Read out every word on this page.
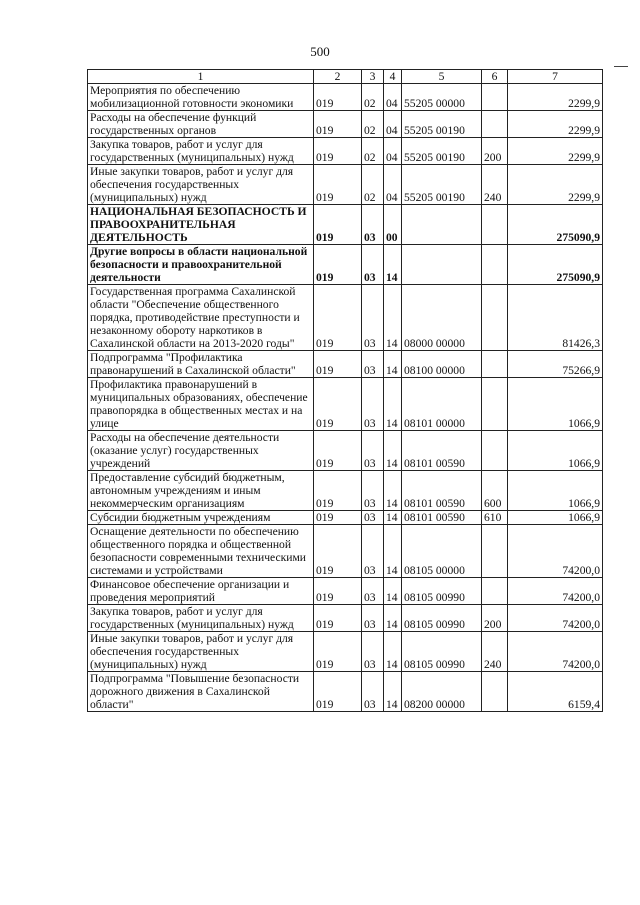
500
1	2	3	4	5	6	7
Мероприятия по обеспечению мобилизационной готовности экономики	019	02	04	55205 00000		2299,9
Расходы на обеспечение функций государственных органов	019	02	04	55205 00190		2299,9
Закупка товаров, работ и услуг для государственных (муниципальных) нужд	019	02	04	55205 00190	200	2299,9
Иные закупки товаров, работ и услуг для обеспечения государственных (муниципальных) нужд	019	02	04	55205 00190	240	2299,9
НАЦИОНАЛЬНАЯ БЕЗОПАСНОСТЬ И ПРАВООХРАНИТЕЛЬНАЯ ДЕЯТЕЛЬНОСТЬ	019	03	00			275090,9
Другие вопросы в области национальной безопасности и правоохранительной деятельности	019	03	14			275090,9
Государственная программа Сахалинской области "Обеспечение общественного порядка, противодействие преступности и незаконному обороту наркотиков в Сахалинской области на 2013-2020 годы"	019	03	14	08000 00000		81426,3
Подпрограмма "Профилактика правонарушений в Сахалинской области"	019	03	14	08100 00000		75266,9
Профилактика правонарушений в муниципальных образованиях, обеспечение правопорядка в общественных местах и на улице	019	03	14	08101 00000		1066,9
Расходы на обеспечение деятельности (оказание услуг) государственных учреждений	019	03	14	08101 00590		1066,9
Предоставление субсидий бюджетным, автономным учреждениям и иным некоммерческим организациям	019	03	14	08101 00590	600	1066,9
Субсидии бюджетным учреждениям	019	03	14	08101 00590	610	1066,9
Оснащение деятельности по обеспечению общественного порядка и общественной безопасности современными техническими системами и устройствами	019	03	14	08105 00000		74200,0
Финансовое обеспечение организации и проведения мероприятий	019	03	14	08105 00990		74200,0
Закупка товаров, работ и услуг для государственных (муниципальных) нужд	019	03	14	08105 00990	200	74200,0
Иные закупки товаров, работ и услуг для обеспечения государственных (муниципальных) нужд	019	03	14	08105 00990	240	74200,0
Подпрограмма "Повышение безопасности дорожного движения в Сахалинской области"	019	03	14	08200 00000		6159,4
